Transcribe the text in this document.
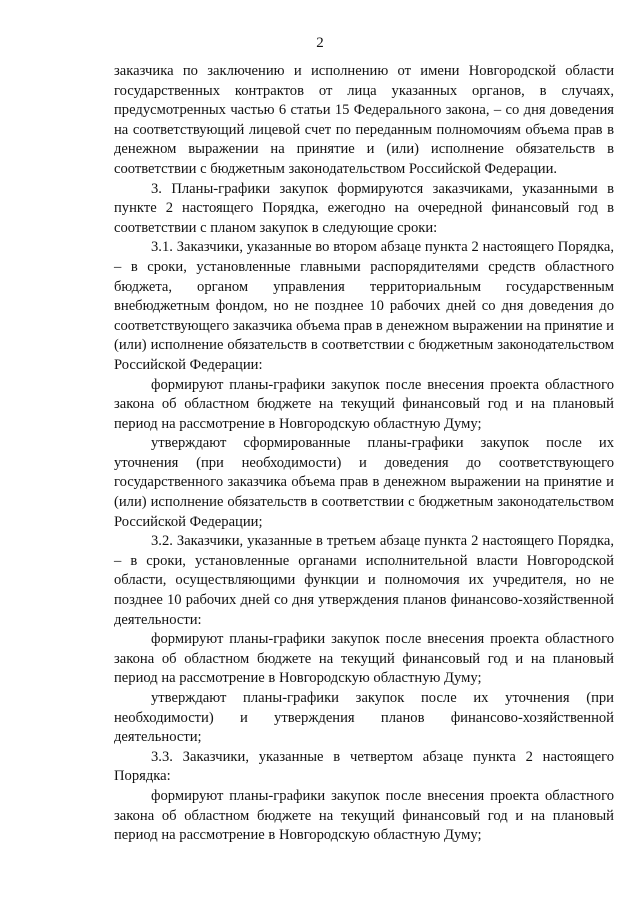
2

заказчика по заключению и исполнению от имени Новгородской области государственных контрактов от лица указанных органов, в случаях, предусмотренных частью 6 статьи 15 Федерального закона, – со дня доведения на соответствующий лицевой счет по переданным полномочиям объема прав в денежном выражении на принятие и (или) исполнение обязательств в соответствии с бюджетным законодательством Российской Федерации.

3. Планы-графики закупок формируются заказчиками, указанными в пункте 2 настоящего Порядка, ежегодно на очередной финансовый год в соответствии с планом закупок в следующие сроки:

3.1. Заказчики, указанные во втором абзаце пункта 2 настоящего Порядка, – в сроки, установленные главными распорядителями средств областного бюджета, органом управления территориальным государственным внебюджетным фондом, но не позднее 10 рабочих дней со дня доведения до соответствующего заказчика объема прав в денежном выражении на принятие и (или) исполнение обязательств в соответствии с бюджетным законодательством Российской Федерации:

формируют планы-графики закупок после внесения проекта областного закона об областном бюджете на текущий финансовый год и на плановый период на рассмотрение в Новгородскую областную Думу;

утверждают сформированные планы-графики закупок после их уточнения (при необходимости) и доведения до соответствующего государственного заказчика объема прав в денежном выражении на принятие и (или) исполнение обязательств в соответствии с бюджетным законодательством Российской Федерации;

3.2. Заказчики, указанные в третьем абзаце пункта 2 настоящего Порядка, – в сроки, установленные органами исполнительной власти Новгородской области, осуществляющими функции и полномочия их учредителя, но не позднее 10 рабочих дней со дня утверждения планов финансово-хозяйственной деятельности:

формируют планы-графики закупок после внесения проекта областного закона об областном бюджете на текущий финансовый год и на плановый период на рассмотрение в Новгородскую областную Думу;

утверждают планы-графики закупок после их уточнения (при необходимости) и утверждения планов финансово-хозяйственной деятельности;

3.3. Заказчики, указанные в четвертом абзаце пункта 2 настоящего Порядка:

формируют планы-графики закупок после внесения проекта областного закона об областном бюджете на текущий финансовый год и на плановый период на рассмотрение в Новгородскую областную Думу;
